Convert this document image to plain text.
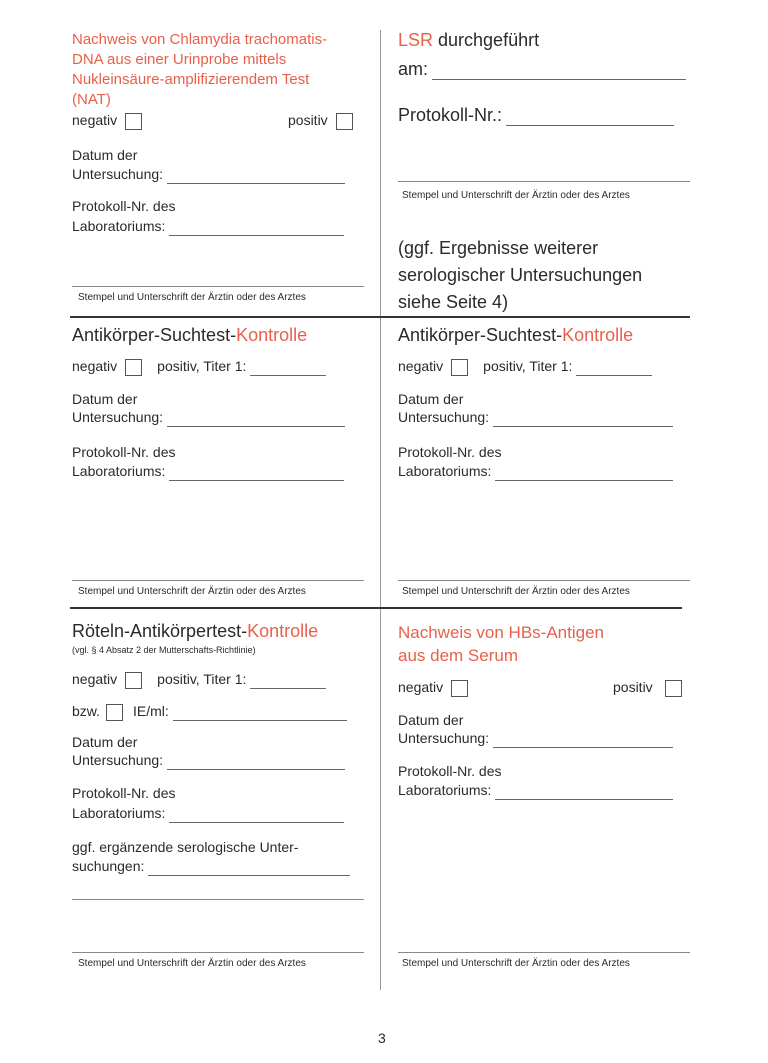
Nachweis von Chlamydia trachomatis-
DNA aus einer Urinprobe mittels
Nukleinsäure-amplifizierendem Test
(NAT)
negativ	positiv
Datum der
Untersuchung:
Protokoll-Nr. des
Laboratoriums:
Stempel und Unterschrift der Ärztin oder des Arztes
LSR durchgeführt
am:
Protokoll-Nr.:
Stempel und Unterschrift der Ärztin oder des Arztes
(ggf. Ergebnisse weiterer
serologischer Untersuchungen
siehe Seite 4)
Antikörper-Suchtest-Kontrolle
negativ	positiv, Titer 1:
Datum der
Untersuchung:
Protokoll-Nr. des
Laboratoriums:
Stempel und Unterschrift der Ärztin oder des Arztes
Antikörper-Suchtest-Kontrolle
negativ	positiv, Titer 1:
Datum der
Untersuchung:
Protokoll-Nr. des
Laboratoriums:
Stempel und Unterschrift der Ärztin oder des Arztes
Röteln-Antikörpertest-Kontrolle
(vgl. § 4 Absatz 2 der Mutterschafts-Richtlinie)
negativ	positiv, Titer 1:
bzw. IE/ml:
Datum der
Untersuchung:
Protokoll-Nr. des
Laboratoriums:
ggf. ergänzende serologische Unter-
suchungen:
Stempel und Unterschrift der Ärztin oder des Arztes
Nachweis von HBs-Antigen
aus dem Serum
negativ	positiv
Datum der
Untersuchung:
Protokoll-Nr. des
Laboratoriums:
Stempel und Unterschrift der Ärztin oder des Arztes
3
